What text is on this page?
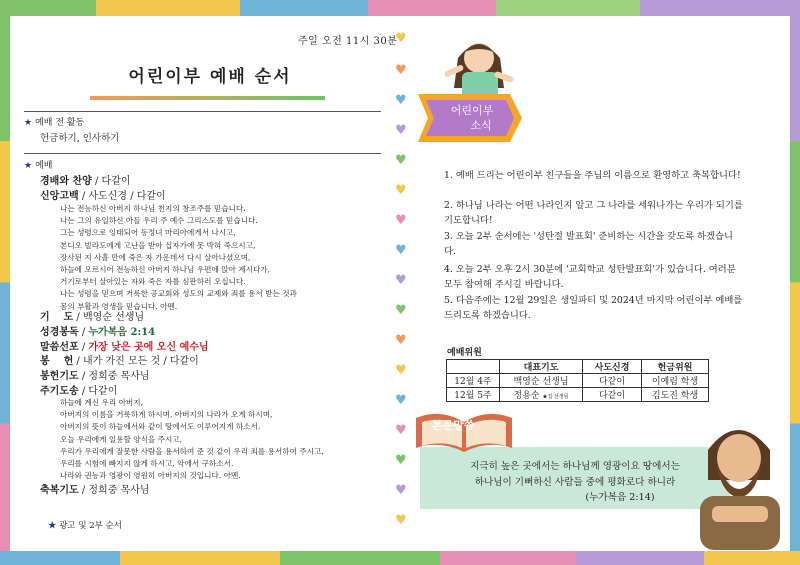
주일 오전 11시 30분
어린이부 예배 순서
★ 예배 전 활동
헌금하기, 인사하기
★ 예배
경배와 찬양 / 다같이
신앙고백 / 사도신경 / 다같이
나는 전능하신 아버지 하나님 천지의 창조주를 믿습니다.
나는 그의 유일하신 아들 우리 주 예수 그리스도를 믿습니다.
그는 성령으로 잉태되어 동정녀 마리아에게서 나시고,
본디오 빌라도에게 고난을 받아 십자가에 못 박혀 죽으시고,
장사된 지 사흘 만에 죽은 자 가운데서 다시 살아나셨으며,
하늘에 오르시어 전능하신 아버지 하나님 우편에 앉아 계시다가,
거기로부터 살아있는 자와 죽은 자를 심판하러 오십니다.
나는 성령을 믿으며 거룩한 공교회와 성도의 교제와 죄를 용서 받는 것과
몸의 부활과 영생을 믿습니다. 아멘.
기    도 / 백영순 선생님
성경봉독 / 누가복음 2:14
말씀선포 / 가장 낮은 곳에 오신 예수님
봉    헌 / 내가 가진 모든 것 / 다같이
봉헌기도 / 정희중 목사님
주기도송 / 다같이
하늘에 계신 우리 아버지,
아버지의 이름을 거룩하게 하시며, 아버지의 나라가 오게 하시며,
아버지의 뜻이 하늘에서와 같이 땅에서도 이루어지게 하소서.
오늘 우리에게 일용할 양식을 주시고,
우리가 우리에게 잘못한 사람을 용서하여 준 것 같이 우리 죄를 용서하여 주시고,
우리를 시험에 빠지지 않게 하시고, 악에서 구하소서.
나라와 권능과 영광이 영원히 아버지의 것입니다. 아멘.
축복기도 / 정희중 목사님
★ 광고 및 2부 순서
♥
♥
♥
♥
♥
♥
♥
♥
♥
♥
♥
♥
♥
♥
♥
♥
♥
어린이부
소식
1. 예배 드리는 어린이부 친구들을 주님의 이름으로 환영하고 축복합니다!
2. 하나님 나라는 어떤 나라인지 알고 그 나라를 세워나가는 우리가 되기를 기도합니다!
3. 오늘 2부 순서에는 '성탄절 발표회' 준비하는 시간을 갖도록 하겠습니다.
4. 오늘 2부 오후 2시 30분에 '교회학교 성탄발표회'가 있습니다. 여러분 모두 참여해 주시길 바랍니다.
5. 다음주에는 12월 29일은 생일파티 및 2024년 마지막 어린이부 예배를 드리도록 하겠습니다.
예배위원
	대표기도	사도신경	헌금위원
12월 4주	백영순 선생님	다같이	이예림 학생
12월 5주	정용순 ★집 선생님	다같이	김도진 학생
본문말씀
지극히 높은 곳에서는 하나님께 영광이요 땅에서는
하나님이 기뻐하신 사람들 중에 평화로다 하니라
(누가복음 2:14)
